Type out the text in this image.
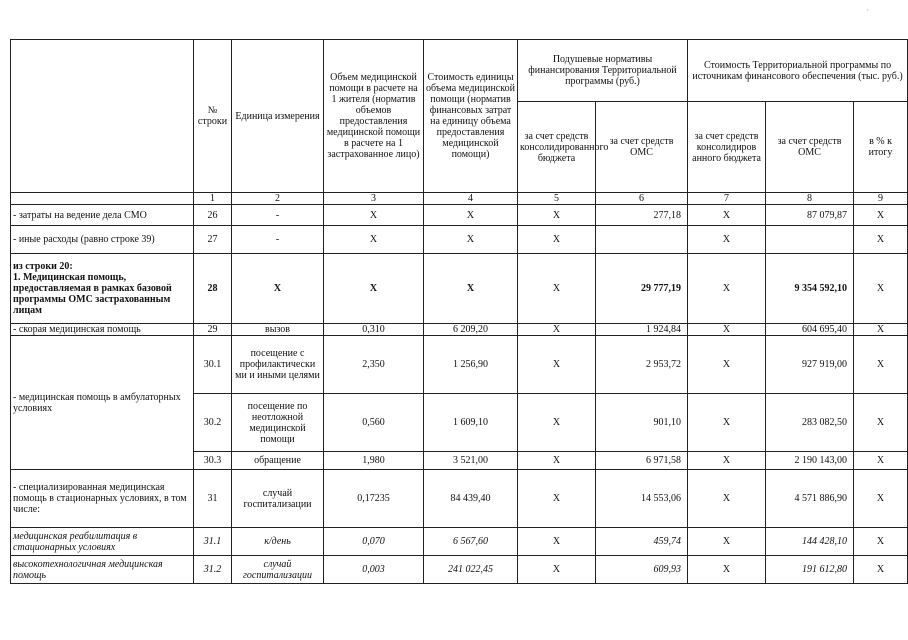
·
	№ строки	Единица измерения	Объем медицинской помощи в расчете на 1 жителя (норматив объемов предоставления медицинской помощи в расчете на 1 застрахованное лицо)	Стоимость единицы объема медицинской помощи (норматив финансовых затрат на единицу объема предоставления медицинской помощи)	Подушевые нормативы финансирования Территориальной программы (руб.)		Стоимость Территориальной программы по источникам финансового обеспечения (тыс. руб.)		
					за счет средств консолидированного бюджета	за счет средств ОМС	за счет средств консолидиров анного бюджета	за счет средств ОМС	в % к итогу
	1	2	3	4	5	6	7	8	9
- затраты на ведение дела СМО	26	-	X	X	X	277,18	X	87 079,87	X
- иные расходы (равно строке 39)	27	-	X	X	X		X		X
из строки 20:
1. Медицинская помощь, предоставляемая в рамках базовой программы ОМС застрахованным лицам	28	X	X	X	X	29 777,19	X	9 354 592,10	X
- скорая медицинская помощь	29	вызов	0,310	6 209,20	X	1 924,84	X	604 695,40	X
- медицинская помощь в амбулаторных условиях	30.1	посещение с профилактически ми и иными целями	2,350	1 256,90	X	2 953,72	X	927 919,00	X
	30.2	посещение по неотложной медицинской помощи	0,560	1 609,10	X	901,10	X	283 082,50	X
	30.3	обращение	1,980	3 521,00	X	6 971,58	X	2 190 143,00	X
- специализированная медицинская помощь в стационарных условиях, в том числе:	31	случай госпитализации	0,17235	84 439,40	X	14 553,06	X	4 571 886,90	X
медицинская реабилитация в стационарных условиях	31.1	к/день	0,070	6 567,60	X	459,74	X	144 428,10	X
высокотехнологичная медицинская помощь	31.2	случай госпитализации	0,003	241 022,45	X	609,93	X	191 612,80	X
